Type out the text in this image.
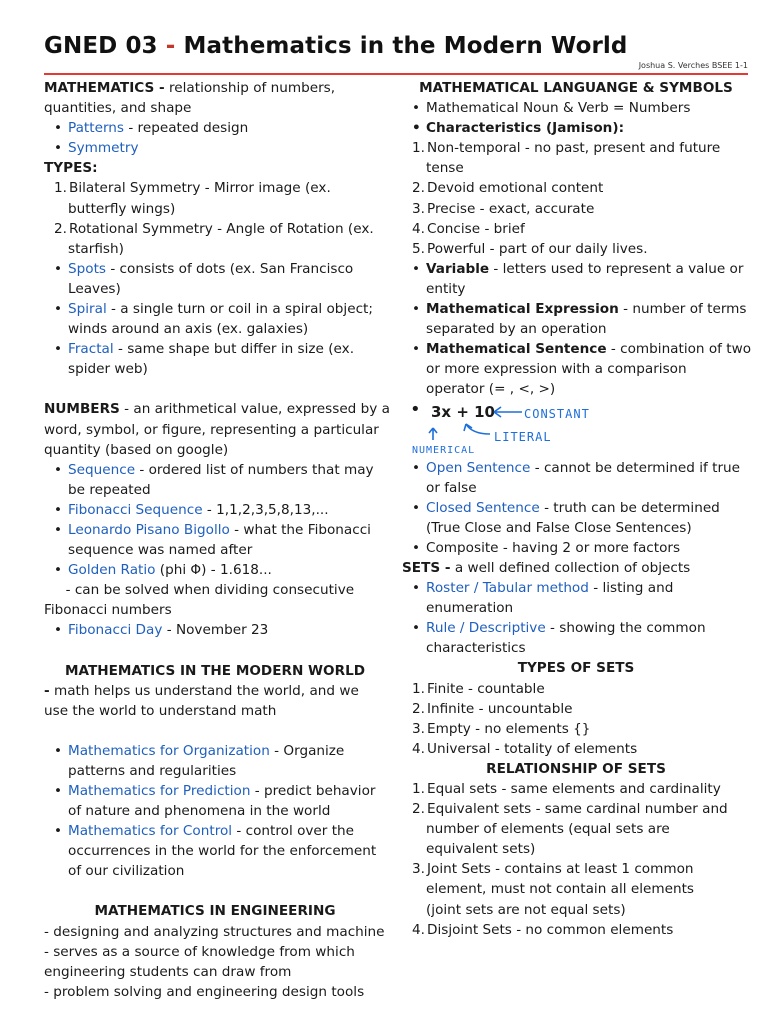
GNED 03 - Mathematics in the Modern World
Joshua S. Verches BSEE 1-1
MATHEMATICS - relationship of numbers,
quantities, and shape
• Patterns - repeated design
• Symmetry
TYPES:
1. Bilateral Symmetry - Mirror image (ex.
butterfly wings)
2. Rotational Symmetry - Angle of Rotation (ex.
starfish)
• Spots - consists of dots (ex. San Francisco
Leaves)
• Spiral - a single turn or coil in a spiral object;
winds around an axis (ex. galaxies)
• Fractal - same shape but differ in size (ex.
spider web)
NUMBERS - an arithmetical value, expressed by a
word, symbol, or figure, representing a particular
quantity (based on google)
• Sequence - ordered list of numbers that may
be repeated
• Fibonacci Sequence - 1,1,2,3,5,8,13,...
• Leonardo Pisano Bigollo - what the Fibonacci
sequence was named after
• Golden Ratio (phi Φ) - 1.618...
- can be solved when dividing consecutive
Fibonacci numbers
• Fibonacci Day - November 23
MATHEMATICS IN THE MODERN WORLD
- math helps us understand the world, and we
use the world to understand math
• Mathematics for Organization - Organize
patterns and regularities
• Mathematics for Prediction - predict behavior
of nature and phenomena in the world
• Mathematics for Control - control over the
occurrences in the world for the enforcement
of our civilization
MATHEMATICS IN ENGINEERING
- designing and analyzing structures and machine
- serves as a source of knowledge from which
engineering students can draw from
- problem solving and engineering design tools
MATHEMATICAL LANGUANGE & SYMBOLS
• Mathematical Noun & Verb = Numbers
• Characteristics (Jamison):
1. Non-temporal - no past, present and future
tense
2. Devoid emotional content
3. Precise - exact, accurate
4. Concise - brief
5. Powerful - part of our daily lives.
• Variable - letters used to represent a value or
entity
• Mathematical Expression - number of terms
separated by an operation
• Mathematical Sentence - combination of two
or more expression with a comparison
operator (= , <, >)
• 3x + 10 CONSTANT
LITERAL
NUMERICAL
• Open Sentence - cannot be determined if true
or false
• Closed Sentence - truth can be determined
(True Close and False Close Sentences)
• Composite - having 2 or more factors
SETS - a well defined collection of objects
• Roster / Tabular method - listing and
enumeration
• Rule / Descriptive - showing the common
characteristics
TYPES OF SETS
1. Finite - countable
2. Infinite - uncountable
3. Empty - no elements {}
4. Universal - totality of elements
RELATIONSHIP OF SETS
1. Equal sets - same elements and cardinality
2. Equivalent sets - same cardinal number and
number of elements (equal sets are
equivalent sets)
3. Joint Sets - contains at least 1 common
element, must not contain all elements
(joint sets are not equal sets)
4. Disjoint Sets - no common elements
